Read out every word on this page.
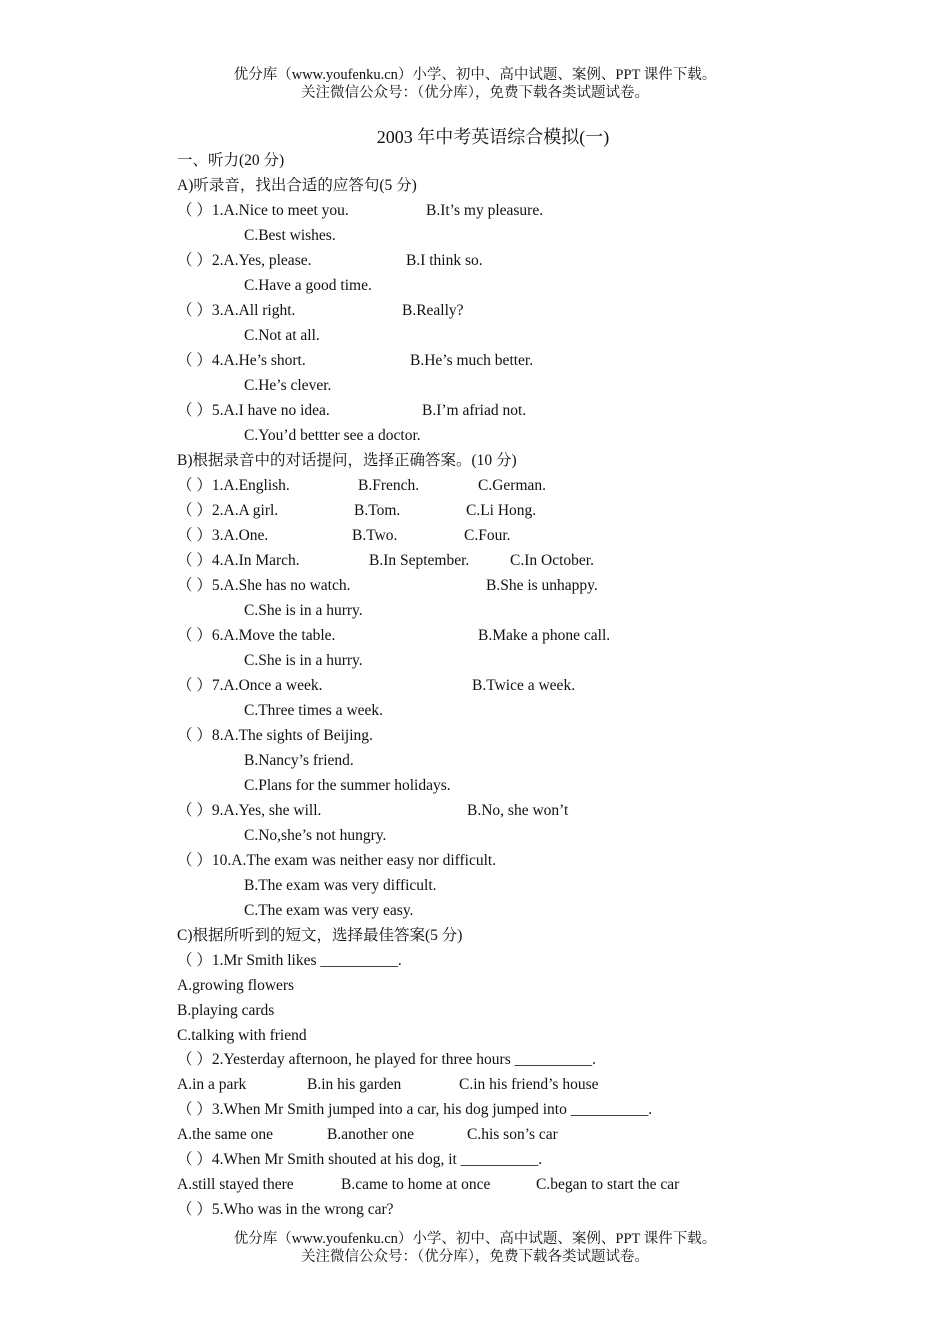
优分库（www.youfenku.cn）小学、初中、高中试题、案例、PPT 课件下载。
关注微信公众号：（优分库），免费下载各类试题试卷。
2003 年中考英语综合模拟(一)
一、听力(20 分)
A)听录音，找出合适的应答句(5 分)
（ ）1.A.Nice to meet you.	B.It’s my pleasure.
C.Best wishes.
（ ）2.A.Yes, please.	B.I think so.
C.Have a good time.
（ ）3.A.All right.	B.Really?
C.Not at all.
（ ）4.A.He’s short.	B.He’s much better.
C.He’s clever.
（ ）5.A.I have no idea.	B.I’m afriad not.
C.You’d bettter see a doctor.
B)根据录音中的对话提问，选择正确答案。(10 分)
（ ）1.A.English.	B.French.	C.German.
（ ）2.A.A girl.	B.Tom.	C.Li Hong.
（ ）3.A.One.	B.Two.	C.Four.
（ ）4.A.In March.	B.In September.	C.In October.
（ ）5.A.She has no watch.	B.She is unhappy.
C.She is in a hurry.
（ ）6.A.Move the table.	B.Make a phone call.
C.She is in a hurry.
（ ）7.A.Once a week.	B.Twice a week.
C.Three times a week.
（ ）8.A.The sights of Beijing.
B.Nancy’s friend.
C.Plans for the summer holidays.
（ ）9.A.Yes, she will.	B.No, she won’t
C.No,she’s not hungry.
（ ）10.A.The exam was neither easy nor difficult.
B.The exam was very difficult.
C.The exam was very easy.
C)根据所听到的短文，选择最佳答案(5 分)
（ ）1.Mr Smith likes __________.
A.growing flowers
B.playing cards
C.talking with friend
（ ）2.Yesterday afternoon, he played for three hours __________.
A.in a park	B.in his garden	C.in his friend’s house
（ ）3.When Mr Smith jumped into a car, his dog jumped into __________.
A.the same one	B.another one	C.his son’s car
（ ）4.When Mr Smith shouted at his dog, it __________.
A.still stayed there	B.came to home at once	C.began to start the car
（ ）5.Who was in the wrong car?
优分库（www.youfenku.cn）小学、初中、高中试题、案例、PPT 课件下载。
关注微信公众号：（优分库），免费下载各类试题试卷。
